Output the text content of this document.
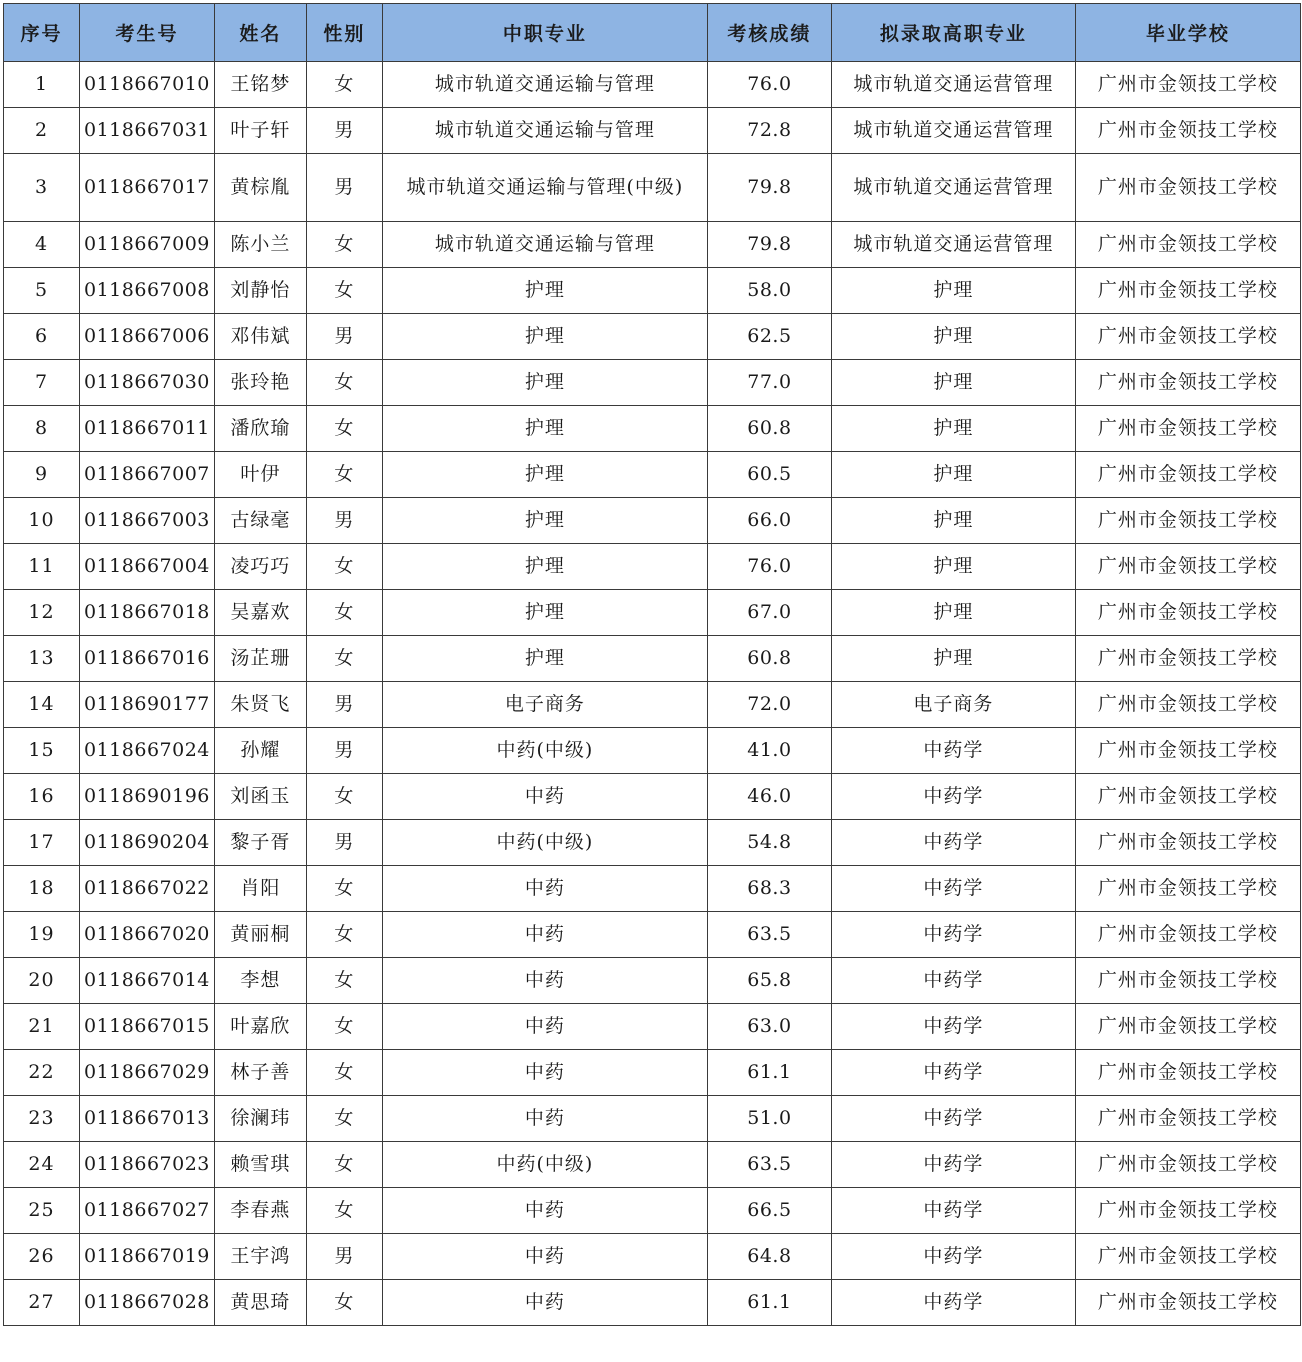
序号	考生号	姓名	性别	中职专业	考核成绩	拟录取高职专业	毕业学校
1	0118667010	王铭梦	女	城市轨道交通运输与管理	76.0	城市轨道交通运营管理	广州市金领技工学校
2	0118667031	叶子轩	男	城市轨道交通运输与管理	72.8	城市轨道交通运营管理	广州市金领技工学校
3	0118667017	黄棕胤	男	城市轨道交通运输与管理(中级)	79.8	城市轨道交通运营管理	广州市金领技工学校
4	0118667009	陈小兰	女	城市轨道交通运输与管理	79.8	城市轨道交通运营管理	广州市金领技工学校
5	0118667008	刘静怡	女	护理	58.0	护理	广州市金领技工学校
6	0118667006	邓伟斌	男	护理	62.5	护理	广州市金领技工学校
7	0118667030	张玲艳	女	护理	77.0	护理	广州市金领技工学校
8	0118667011	潘欣瑜	女	护理	60.8	护理	广州市金领技工学校
9	0118667007	叶伊	女	护理	60.5	护理	广州市金领技工学校
10	0118667003	古绿毫	男	护理	66.0	护理	广州市金领技工学校
11	0118667004	凌巧巧	女	护理	76.0	护理	广州市金领技工学校
12	0118667018	吴嘉欢	女	护理	67.0	护理	广州市金领技工学校
13	0118667016	汤芷珊	女	护理	60.8	护理	广州市金领技工学校
14	0118690177	朱贤飞	男	电子商务	72.0	电子商务	广州市金领技工学校
15	0118667024	孙耀	男	中药(中级)	41.0	中药学	广州市金领技工学校
16	0118690196	刘函玉	女	中药	46.0	中药学	广州市金领技工学校
17	0118690204	黎子胥	男	中药(中级)	54.8	中药学	广州市金领技工学校
18	0118667022	肖阳	女	中药	68.3	中药学	广州市金领技工学校
19	0118667020	黄丽桐	女	中药	63.5	中药学	广州市金领技工学校
20	0118667014	李想	女	中药	65.8	中药学	广州市金领技工学校
21	0118667015	叶嘉欣	女	中药	63.0	中药学	广州市金领技工学校
22	0118667029	林子善	女	中药	61.1	中药学	广州市金领技工学校
23	0118667013	徐澜玮	女	中药	51.0	中药学	广州市金领技工学校
24	0118667023	赖雪琪	女	中药(中级)	63.5	中药学	广州市金领技工学校
25	0118667027	李春燕	女	中药	66.5	中药学	广州市金领技工学校
26	0118667019	王宇鸿	男	中药	64.8	中药学	广州市金领技工学校
27	0118667028	黄思琦	女	中药	61.1	中药学	广州市金领技工学校
